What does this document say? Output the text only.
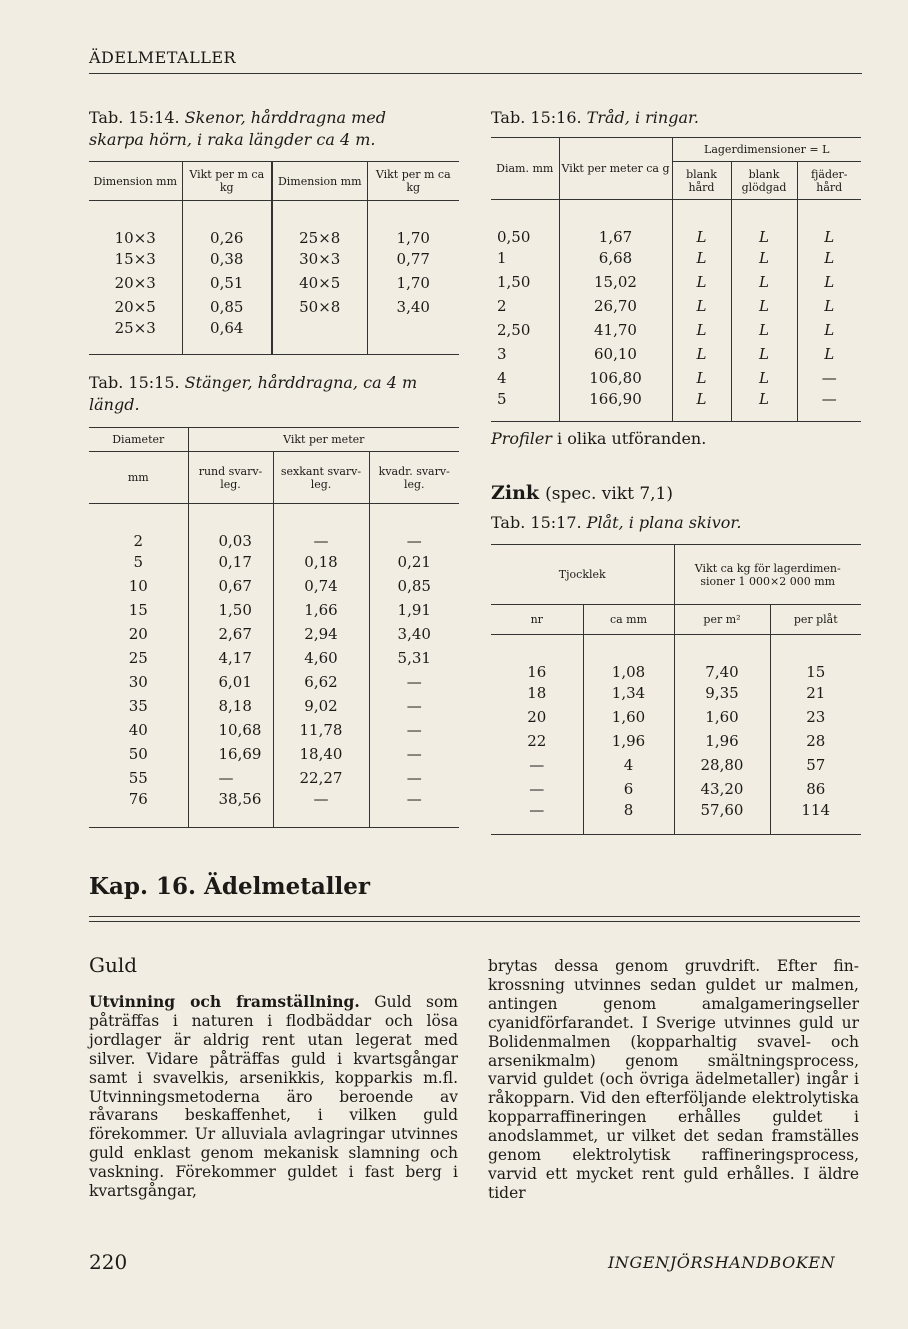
ÄDELMETALLER
Tab. 15:14. Skenor, hårddragna med
skarpa hörn, i raka längder ca 4 m.
Dimension mm	Vikt per m ca kg	Dimension mm	Vikt per m ca kg
10×3	0,26	25×8	1,70
15×3	0,38	30×3	0,77
20×3	0,51	40×5	1,70
20×5	0,85	50×8	3,40
25×3	0,64		
Tab. 15:15. Stänger, hårddragna, ca 4 m
längd.
Diameter	Vikt per meter		
mm	rund svarv- leg.	sexkant svarv- leg.	kvadr. svarv- leg.
2	0,03	—	—
5	0,17	0,18	0,21
10	0,67	0,74	0,85
15	1,50	1,66	1,91
20	2,67	2,94	3,40
25	4,17	4,60	5,31
30	6,01	6,62	—
35	8,18	9,02	—
40	10,68	11,78	—
50	16,69	18,40	—
55	—	22,27	—
76	38,56	—	—
Tab. 15:16. Tråd, i ringar.
Diam. mm	Vikt per meter ca g	Lagerdimensioner = L		
		blank hård	blank glödgad	fjäder- hård
0,50	1,67	L	L	L
1	6,68	L	L	L
1,50	15,02	L	L	L
2	26,70	L	L	L
2,50	41,70	L	L	L
3	60,10	L	L	L
4	106,80	L	L	—
5	166,90	L	L	—
Profiler i olika utföranden.
Zink (spec. vikt 7,1)
Tab. 15:17. Plåt, i plana skivor.
Tjocklek		Vikt ca kg för lagerdimen- sioner 1 000×2 000 mm	
nr	ca mm	per m²	per plåt
16	1,08	7,40	15
18	1,34	9,35	21
20	1,60	1,60	23
22	1,96	1,96	28
—	4	28,80	57
—	6	43,20	86
—	8	57,60	114
Kap. 16. Ädelmetaller
Guld

Utvinning och framställning. Guld som påträffas i naturen i flodbäddar och lösa jordlager är aldrig rent utan legerat med silver. Vidare påträffas guld i kvartsgångar samt i svavelkis, arsenikkis, kopparkis m.fl. Utvinningsmetoderna äro beroende av råvarans beskaffenhet, i vilken guld förekommer. Ur alluviala avlagringar utvinnes guld enklast genom mekanisk slamning och vaskning. Förekommer guldet i fast berg i kvartsgångar,

brytas dessa genom gruvdrift. Efter finkrossning utvinnes sedan guldet ur malmen, antingen genom amalgameringseller cyanidförfarandet. I Sverige utvinnes guld ur Bolidenmalmen (kopparhaltig svavel- och arsenikmalm) genom smältningsprocess, varvid guldet (och övriga ädelmetaller) ingår i råkopparn. Vid den efterföljande elektrolytiska kopparraffineringen erhålles guldet i anodslammet, ur vilket det sedan framställes genom elektrolytisk raffineringsprocess, varvid ett mycket rent guld erhålles. I äldre tider

220	INGENJÖRSHANDBOKEN
